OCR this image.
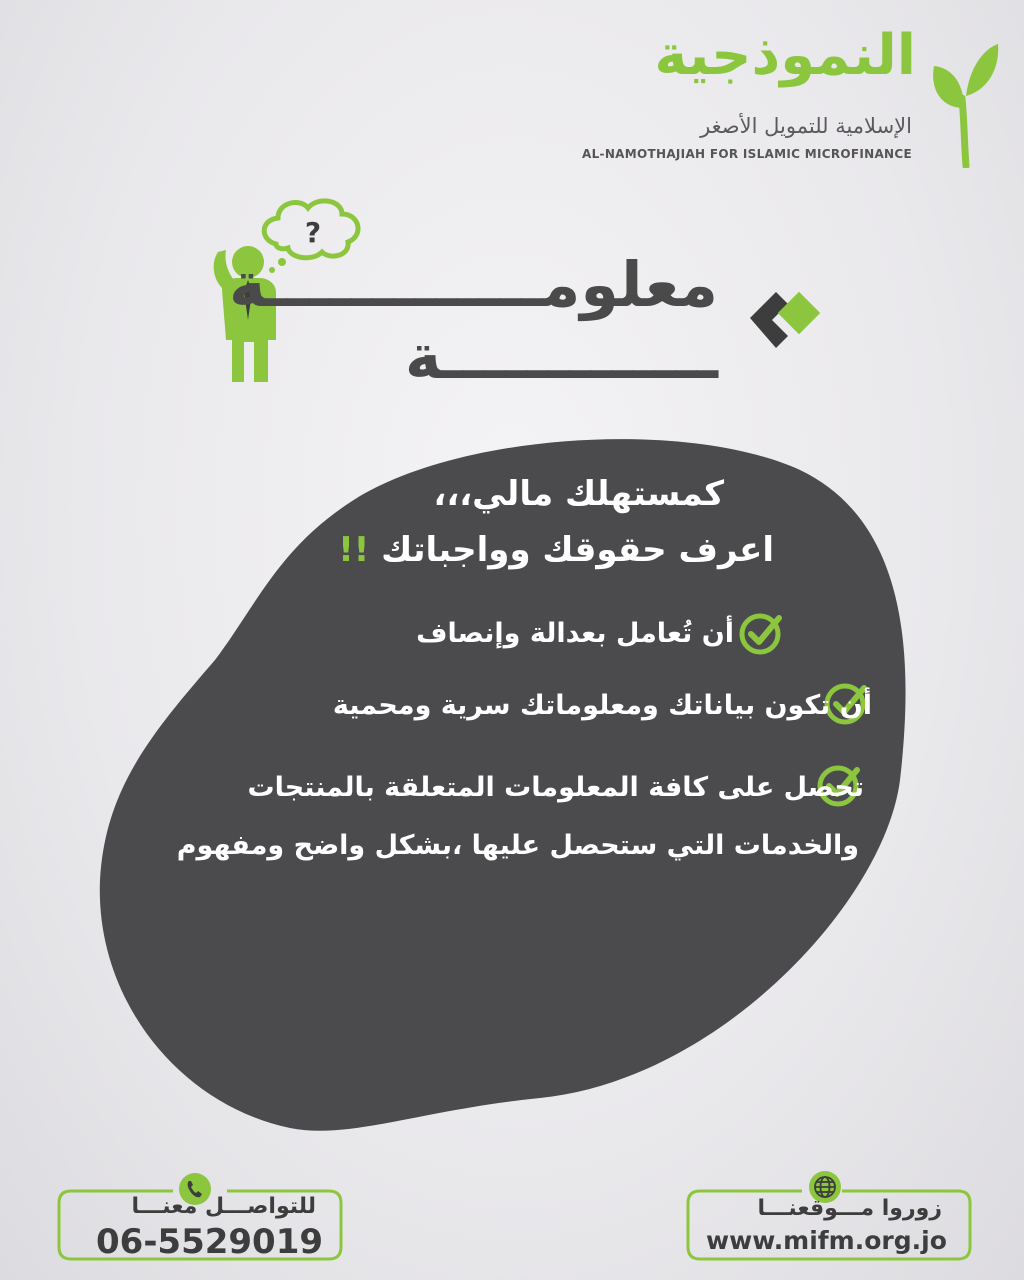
النموذجية
الإسلامية للتمويل الأصغر
AL-NAMOTHAJIAH FOR ISLAMIC MICROFINANCE
?
معلومـــــــــــــة
ـــــــــــــة
كمستهلك مالي،،،
اعرف حقوقك وواجباتك !!
أن تُعامل بعدالة وإنصاف
أن تكون بياناتك ومعلوماتك سرية ومحمية
تحصل على كافة المعلومات المتعلقة بالمنتجات
والخدمات التي ستحصل عليها ،بشكل واضح ومفهوم
للتواصـــل معنـــا
06-5529019
زوروا مـــوقعنـــا
www.mifm.org.jo
